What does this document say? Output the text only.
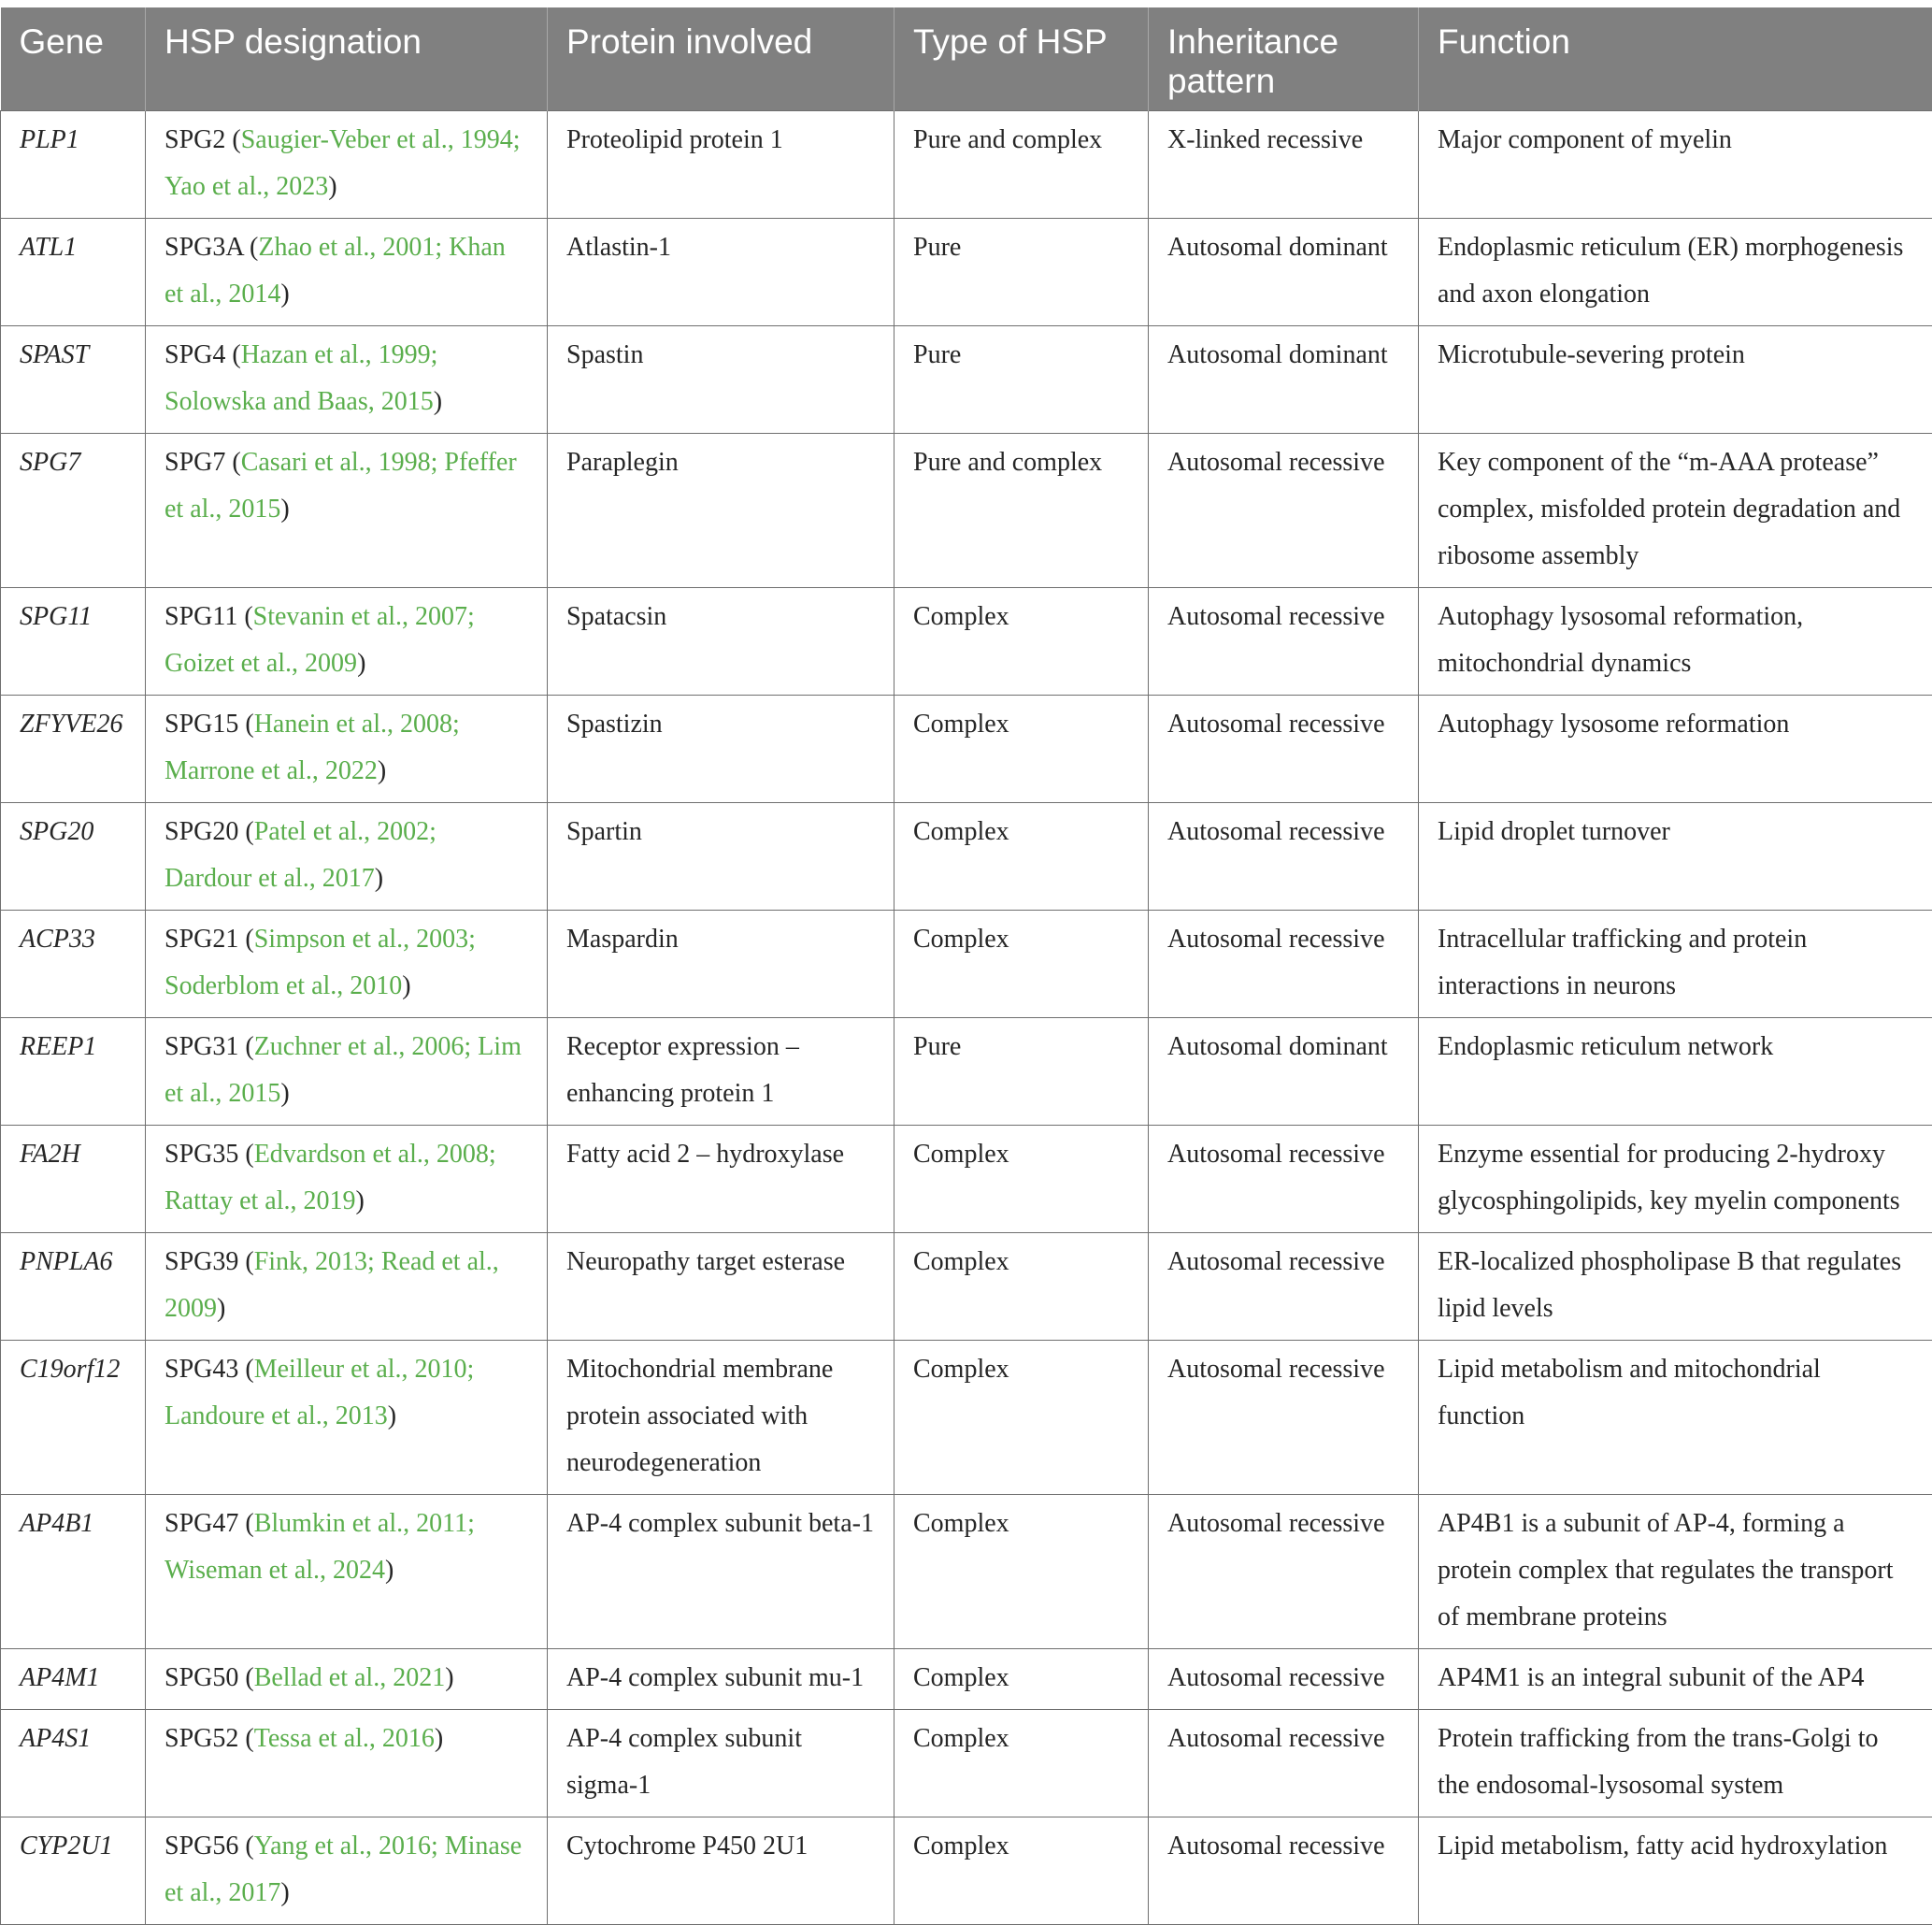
Gene	HSP designation	Protein involved	Type of HSP	Inheritance pattern	Function
PLP1	SPG2 (Saugier-Veber et al., 1994; Yao et al., 2023)	Proteolipid protein 1	Pure and complex	X-linked recessive	Major component of myelin
ATL1	SPG3A (Zhao et al., 2001; Khan et al., 2014)	Atlastin-1	Pure	Autosomal dominant	Endoplasmic reticulum (ER) morphogenesis and axon elongation
SPAST	SPG4 (Hazan et al., 1999; Solowska and Baas, 2015)	Spastin	Pure	Autosomal dominant	Microtubule-severing protein
SPG7	SPG7 (Casari et al., 1998; Pfeffer et al., 2015)	Paraplegin	Pure and complex	Autosomal recessive	Key component of the “m-AAA protease” complex, misfolded protein degradation and ribosome assembly
SPG11	SPG11 (Stevanin et al., 2007; Goizet et al., 2009)	Spatacsin	Complex	Autosomal recessive	Autophagy lysosomal reformation, mitochondrial dynamics
ZFYVE26	SPG15 (Hanein et al., 2008; Marrone et al., 2022)	Spastizin	Complex	Autosomal recessive	Autophagy lysosome reformation
SPG20	SPG20 (Patel et al., 2002; Dardour et al., 2017)	Spartin	Complex	Autosomal recessive	Lipid droplet turnover
ACP33	SPG21 (Simpson et al., 2003; Soderblom et al., 2010)	Maspardin	Complex	Autosomal recessive	Intracellular trafficking and protein interactions in neurons
REEP1	SPG31 (Zuchner et al., 2006; Lim et al., 2015)	Receptor expression – enhancing protein 1	Pure	Autosomal dominant	Endoplasmic reticulum network
FA2H	SPG35 (Edvardson et al., 2008; Rattay et al., 2019)	Fatty acid 2 – hydroxylase	Complex	Autosomal recessive	Enzyme essential for producing 2-hydroxy glycosphingolipids, key myelin components
PNPLA6	SPG39 (Fink, 2013; Read et al., 2009)	Neuropathy target esterase	Complex	Autosomal recessive	ER-localized phospholipase B that regulates lipid levels
C19orf12	SPG43 (Meilleur et al., 2010; Landoure et al., 2013)	Mitochondrial membrane protein associated with neurodegeneration	Complex	Autosomal recessive	Lipid metabolism and mitochondrial function
AP4B1	SPG47 (Blumkin et al., 2011; Wiseman et al., 2024)	AP-4 complex subunit beta-1	Complex	Autosomal recessive	AP4B1 is a subunit of AP-4, forming a protein complex that regulates the transport of membrane proteins
AP4M1	SPG50 (Bellad et al., 2021)	AP-4 complex subunit mu-1	Complex	Autosomal recessive	AP4M1 is an integral subunit of the AP4
AP4S1	SPG52 (Tessa et al., 2016)	AP-4 complex subunit sigma-1	Complex	Autosomal recessive	Protein trafficking from the trans-Golgi to the endosomal-lysosomal system
CYP2U1	SPG56 (Yang et al., 2016; Minase et al., 2017)	Cytochrome P450 2U1	Complex	Autosomal recessive	Lipid metabolism, fatty acid hydroxylation
